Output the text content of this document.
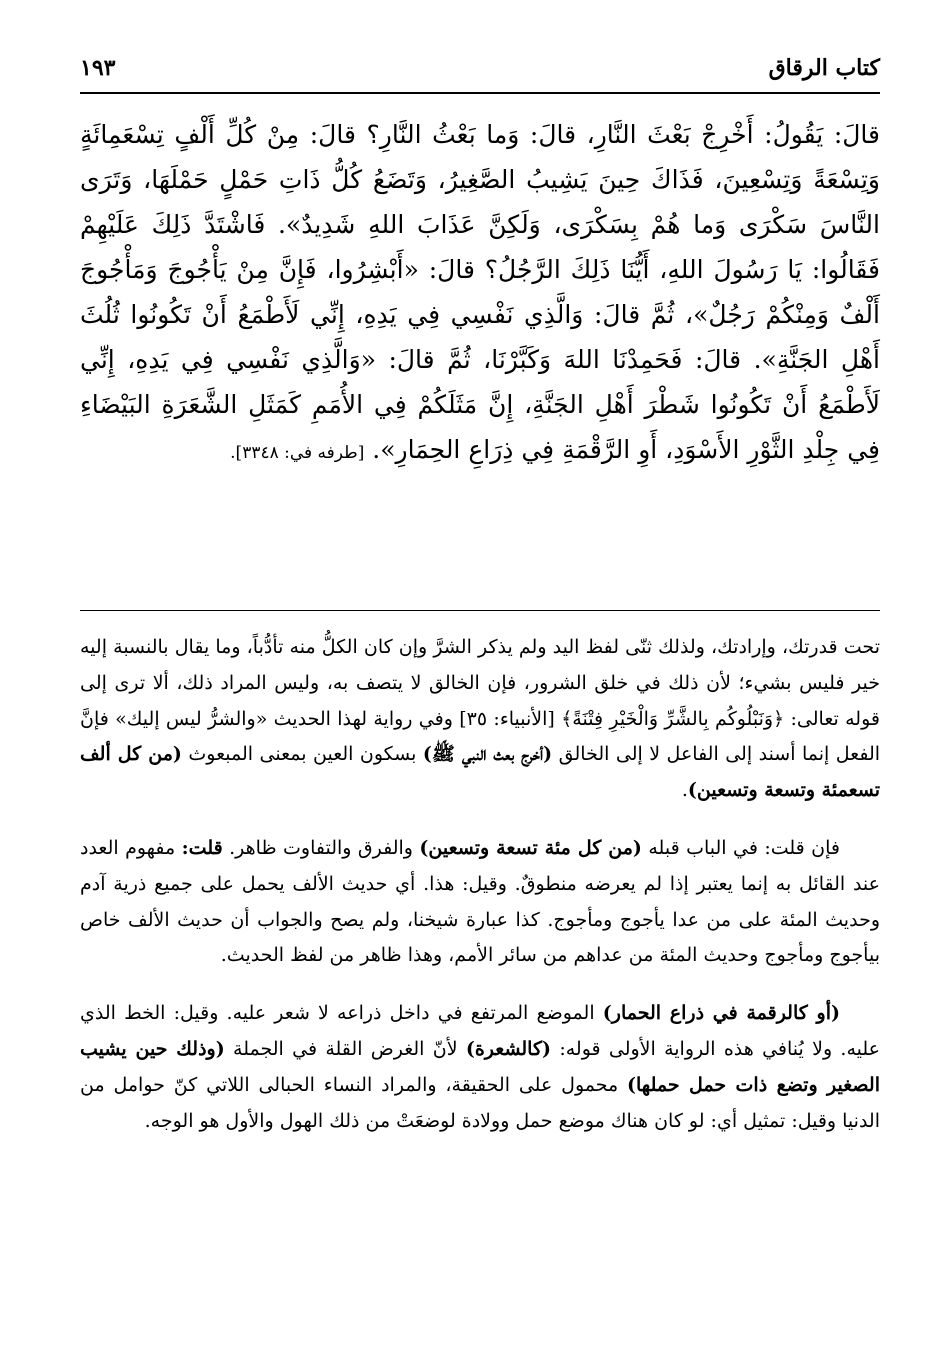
كتاب الرقاق
١٩٣
قالَ: يَقُولُ: أَخْرِجْ بَعْثَ النَّارِ، قالَ: وَما بَعْثُ النَّارِ؟ قالَ: مِنْ كُلِّ أَلْفٍ تِسْعَمِائَةٍ وَتِسْعَةً وَتِسْعِينَ، فَذَاكَ حِينَ يَشِيبُ الصَّغِيرُ، وَتَضَعُ كُلُّ ذَاتِ حَمْلٍ حَمْلَهَا، وَتَرَى النَّاسَ سَكْرَى وَما هُمْ بِسَكْرَى، وَلَكِنَّ عَذَابَ اللهِ شَدِيدٌ». فَاشْتَدَّ ذَلِكَ عَلَيْهِمْ فَقَالُوا: يَا رَسُولَ اللهِ، أَيُّنَا ذَلِكَ الرَّجُلُ؟ قالَ: «أَبْشِرُوا، فَإِنَّ مِنْ يَأْجُوجَ وَمَأْجُوجَ أَلْفٌ وَمِنْكُمْ رَجُلٌ»، ثُمَّ قالَ: وَالَّذِي نَفْسِي فِي يَدِهِ، إِنِّي لَأَطْمَعُ أَنْ تَكُونُوا ثُلُثَ أَهْلِ الجَنَّةِ». قالَ: فَحَمِدْنَا اللهَ وَكَبَّرْنَا، ثُمَّ قالَ: «وَالَّذِي نَفْسِي فِي يَدِهِ، إِنِّي لَأَطْمَعُ أَنْ تَكُونُوا شَطْرَ أَهْلِ الجَنَّةِ، إِنَّ مَثَلَكُمْ فِي الأُمَمِ كَمَثَلِ الشَّعَرَةِ البَيْضَاءِ فِي جِلْدِ الثَّوْرِ الأَسْوَدِ، أَوِ الرَّقْمَةِ فِي ذِرَاعِ الحِمَارِ». [طرفه في: ٣٣٤٨].

تحت قدرتك، وإرادتك، ولذلك ثنّى لفظ اليد ولم يذكر الشرَّ وإن كان الكلُّ منه تأدُّباً، وما يقال بالنسبة إليه خير فليس بشيء؛ لأن ذلك في خلق الشرور، فإن الخالق لا يتصف به، وليس المراد ذلك، ألا ترى إلى قوله تعالى: ﴿وَنَبْلُوكُم بِالشَّرِّ وَالْخَيْرِ فِتْنَةً﴾ [الأنبياء: ٣٥] وفي رواية لهذا الحديث «والشرُّ ليس إليك» فإنَّ الفعل إنما أسند إلى الفاعل لا إلى الخالق (أخرج بعث النبي ﷺ) بسكون العين بمعنى المبعوث (من كل ألف تسعمئة وتسعة وتسعين).

فإن قلت: في الباب قبله (من كل مئة تسعة وتسعين) والفرق والتفاوت ظاهر. قلت: مفهوم العدد عند القائل به إنما يعتبر إذا لم يعرضه منطوقٌ. وقيل: هذا. أي حديث الألف يحمل على جميع ذرية آدم وحديث المئة على من عدا يأجوج ومأجوج. كذا عبارة شيخنا، ولم يصح والجواب أن حديث الألف خاص بيأجوج ومأجوج وحديث المئة من عداهم من سائر الأمم، وهذا ظاهر من لفظ الحديث.

(أو كالرقمة في ذراع الحمار) الموضع المرتفع في داخل ذراعه لا شعر عليه. وقيل: الخط الذي عليه. ولا يُنافي هذه الرواية الأولى قوله: (كالشعرة) لأنّ الغرض القلة في الجملة (وذلك حين يشيب الصغير وتضع ذات حمل حملها) محمول على الحقيقة، والمراد النساء الحبالى اللاتي كنّ حوامل من الدنيا وقيل: تمثيل أي: لو كان هناك موضع حمل وولادة لوضعَتْ من ذلك الهول والأول هو الوجه.
